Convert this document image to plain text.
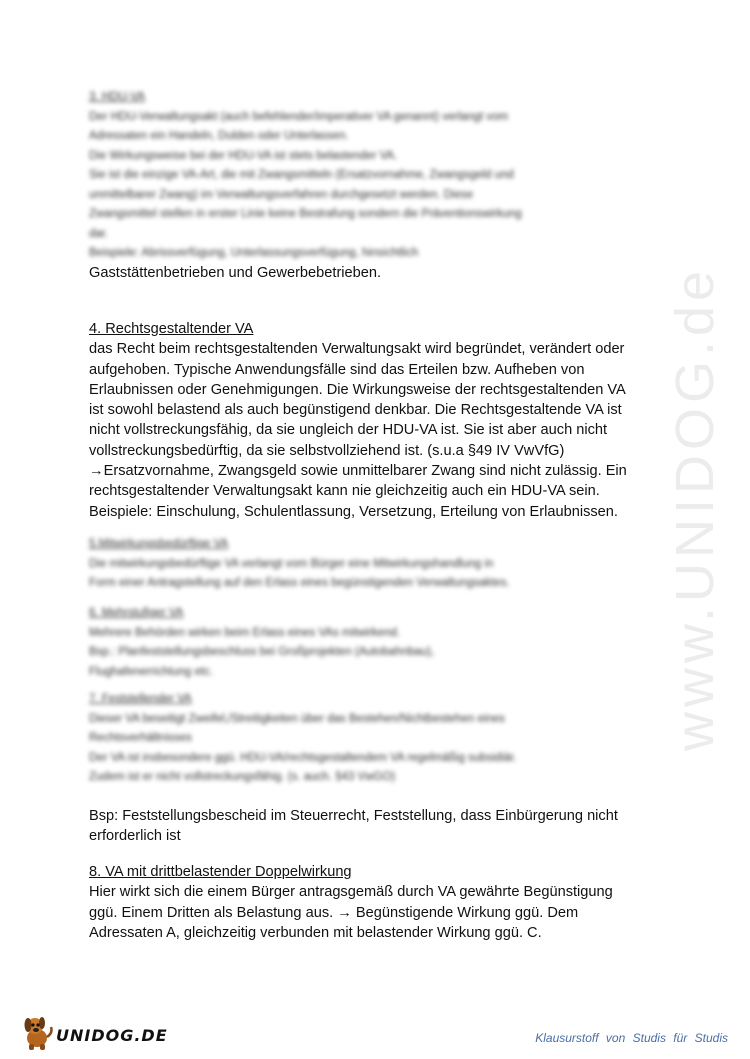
www.UNIDOG.de
3. HDU-VA
Der HDU-Verwaltungsakt (auch befehlender/imperativer VA genannt) verlangt vom
Adressaten ein Handeln, Dulden oder Unterlassen.
Die Wirkungsweise bei der HDU-VA ist stets belastender VA.
Sie ist die einzige VA-Art, die mit Zwangsmitteln (Ersatzvornahme, Zwangsgeld und
unmittelbarer Zwang) im Verwaltungsverfahren durchgesetzt werden. Diese
Zwangsmittel stellen in erster Linie keine Bestrafung sondern die Präventionswirkung
dar.
Beispiele: Abrissverfügung, Unterlassungsverfügung, hinsichtlich
Gaststättenbetrieben und Gewerbebetrieben.
4. Rechtsgestaltender VA
das Recht beim rechtsgestaltenden Verwaltungsakt wird begründet, verändert oder
aufgehoben. Typische Anwendungsfälle sind das Erteilen bzw. Aufheben von
Erlaubnissen oder Genehmigungen. Die Wirkungsweise der rechtsgestaltenden VA
ist sowohl belastend als auch begünstigend denkbar. Die Rechtsgestaltende VA ist
nicht vollstreckungsfähig, da sie ungleich der HDU-VA ist. Sie ist aber auch nicht
vollstreckungsbedürftig, da sie selbstvollziehend ist. (s.u.a §49 IV VwVfG)
→Ersatzvornahme, Zwangsgeld sowie unmittelbarer Zwang sind nicht zulässig. Ein
rechtsgestaltender Verwaltungsakt kann nie gleichzeitig auch ein HDU-VA sein.
Beispiele: Einschulung, Schulentlassung, Versetzung, Erteilung von Erlaubnissen.
5.Mitwirkungsbedürftige VA
Die mitwirkungsbedürftige VA verlangt vom Bürger eine Mitwirkungshandlung in
Form einer Antragstellung auf den Erlass eines begünstigenden Verwaltungsaktes.
6. Mehrstufiger VA
Mehrere Behörden wirken beim Erlass eines VAs mitwirkend.
Bsp.: Planfeststellungsbeschluss bei Großprojekten (Autobahnbau),
Flughafenerrichtung etc.
7. Feststellender VA
Dieser VA beseitigt Zweifel,/Streitigkeiten über das Bestehen/Nichtbestehen eines
Rechtsverhältnisses
Der VA ist insbesondere ggü. HDU-VA/rechtsgestaltendem VA regelmäßig subsidiär.
Zudem ist er nicht vollstreckungsfähig. (s. auch. §43 VwGO)
Bsp: Feststellungsbescheid im Steuerrecht, Feststellung, dass Einbürgerung nicht
erforderlich ist
8. VA mit drittbelastender Doppelwirkung
Hier wirkt sich die einem Bürger antragsgemäß durch VA gewährte Begünstigung
ggü. Einem Dritten als Belastung aus. → Begünstigende Wirkung ggü. Dem
Adressaten A, gleichzeitig verbunden mit belastender Wirkung ggü. C.
UNIDOG.DE	Klausurstoff von Studis für Studis
